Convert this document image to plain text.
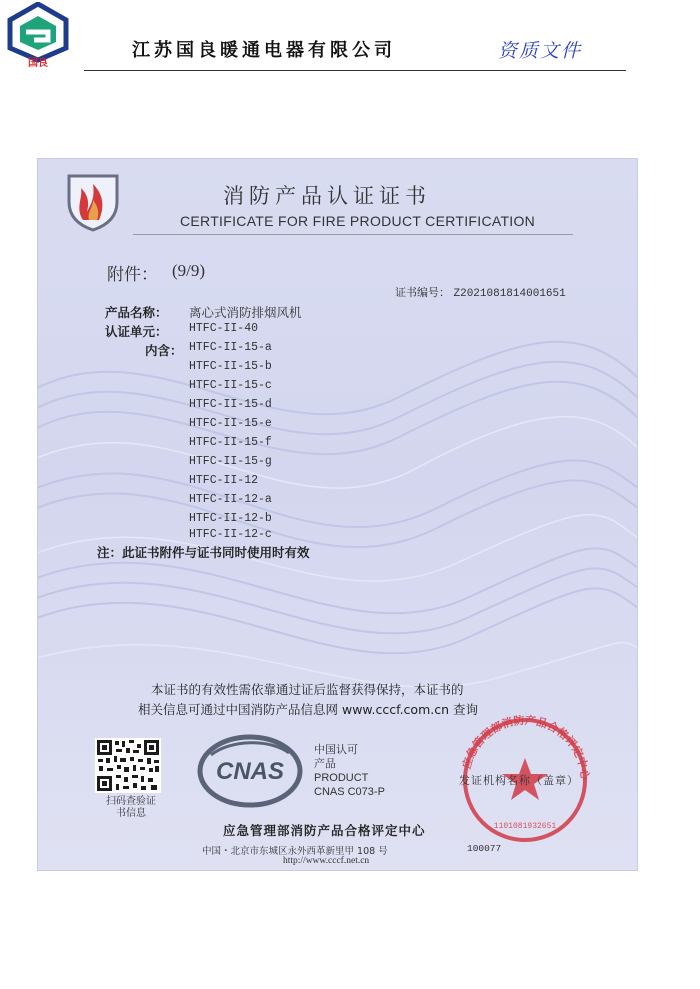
国良
江苏国良暖通电器有限公司	资质文件
消防产品认证证书
CERTIFICATE FOR FIRE PRODUCT CERTIFICATION
附件： (9/9)
证书编号： Z2021081814001651
产品名称： 离心式消防排烟风机
认证单元： HTFC-II-40
内含： HTFC-II-15-a
HTFC-II-15-b
HTFC-II-15-c
HTFC-II-15-d
HTFC-II-15-e
HTFC-II-15-f
HTFC-II-15-g
HTFC-II-12
HTFC-II-12-a
HTFC-II-12-b
HTFC-II-12-c
注：此证书附件与证书同时使用时有效
本证书的有效性需依靠通过证后监督获得保持，本证书的
相关信息可通过中国消防产品信息网 www.cccf.com.cn 查询
扫码查验证书信息
CNAS
中国认可
产品
PRODUCT
CNAS C073-P
应急管理部消防产品合格评定中心
1101081932651
发证机构名称（盖章）
应急管理部消防产品合格评定中心
中国・北京市东城区永外西革新里甲 108 号	100077
http://www.cccf.net.cn
